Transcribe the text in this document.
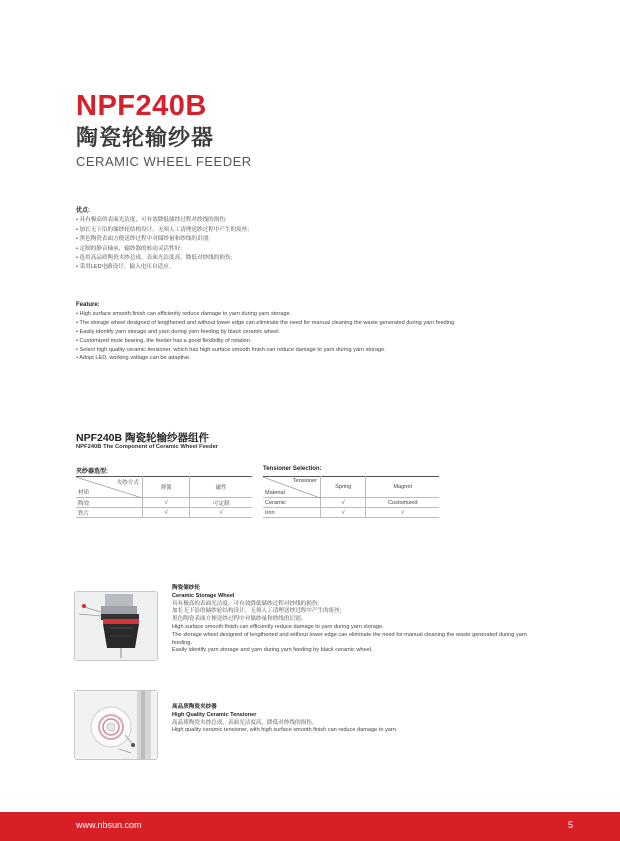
NPF240B
陶瓷轮输纱器
CERAMIC WHEEL FEEDER

优点:

• 具有极高的表面光洁度，可有效降低储纱过程对纱线的损伤;

• 加长无下沿的储纱轮结构设计，无须人工清理送纱过程中产生的废丝;

• 黑色陶瓷表面方便送纱过程中对储纱量和纱线的识别;

• 定制的静音轴承，输纱器的转动灵活性好;

• 选用高品质陶瓷夹纱总成，表面光洁度高，降低对纱线的损伤;

• 采用LED电路设计，输入电压自适应。

Feature:

• High surface smooth finish can efficiently reduce damage to yarn during yarn storage.

• The storage wheel designed of lengthened and without lower edge can eliminate the need for manual cleaning the waste generated during yarn feeding.

• Easily identify yarn storage and yarn during yarn feeding by black ceramic wheel.

• Customized mute bearing, the feeder has a good flexibility of rotation.

• Select high quality ceramic tensioner, which has high surface smooth finish can reduce damage to yarn during yarn storage.

• Adopt LED, working voltage can be adaptive.

NPF240B 陶瓷轮输纱器组件
NPF240B The Component of Ceramic Wheel Feeder
夹纱器选型:
夹纱方式
材质	弹簧	磁性
陶瓷	√	可定制
铁片	√	√
Tensioner Selection:
Tensioner
Material	Spring	Magnet
Ceramic	√	Customized
Iron	√	√

陶瓷储纱轮

Ceramic Storage Wheel

具有极高的表面光洁度，可有效降低储纱过程对纱线的损伤;

加长无下沿的储纱轮结构设计，无须人工清理送纱过程中产生的废丝;

黑色陶瓷表面方便送纱过程中对储纱量和纱线的识别。

High surface smooth finish can efficiently reduce damage to yarn during yarn storage.

The storage wheel designed of lengthened and without lower edge can eliminate the need for manual cleaning the waste generated during yarn feeding.

Easily identify yarn storage and yarn during yarn feeding by black ceramic wheel.

高品质陶瓷夹纱器

High Quality Ceramic Tensioner

高品质陶瓷夹纱总成，表面光洁度高，降低对纱线的损伤。

High quality ceramic tensioner, with high surface smooth finish can reduce damage to yarn.

www.nbsun.com	5
